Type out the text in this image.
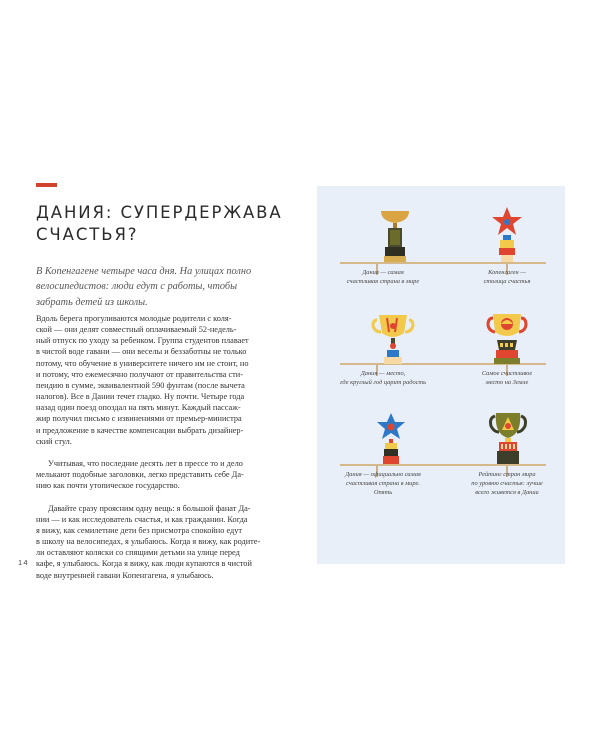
ДАНИЯ: СУПЕРДЕРЖАВА
СЧАСТЬЯ?
В Копенгагене четыре часа дня. На улицах полно
велосипедистов: люди едут с работы, чтобы
забрать детей из школы.
Вдоль берега прогуливаются молодые родители с коля-
ской — они делят совместный оплачиваемый 52-недель-
ный отпуск по уходу за ребенком. Группа студентов плавает
в чистой воде гавани — они веселы и беззаботны не только
потому, что обучение в университете ничего им не стоит, но
и потому, что ежемесячно получают от правительства сти-
пендию в сумме, эквивалентной 590 фунтам (после вычета
налогов). Все в Дании течет гладко. Ну почти. Четыре года
назад один поезд опоздал на пять минут. Каждый пассаж-
жир получил письмо с извинениями от премьер-министра
и предложение в качестве компенсации выбрать дизайнер-
ский стул.
Учитывая, что последние десять лет в прессе то и дело
мелькают подобные заголовки, легко представить себе Да-
нию как почти утопическое государство.
Давайте сразу проясним одну вещь: я большой фанат Да-
нии — и как исследователь счастья, и как гражданин. Когда
я вижу, как семилетние дети без присмотра спокойно едут
в школу на велосипедах, я улыбаюсь. Когда я вижу, как родите-
ли оставляют коляски со спящими детьми на улице перед
кафе, я улыбаюсь. Когда я вижу, как люди купаются в чистой
воде внутренней гавани Копенгагена, я улыбаюсь.
14
Дания — самая
счастливая страна в мире
Копенгаген —
столица счастья
Дания — место,
где круглый год царит радость
Самое счастливое
место на Земле
Дания — официально самая
счастливая страна в мире.
Опять
Рейтинг стран мира
по уровню счастья: лучше
всего живется в Дании
